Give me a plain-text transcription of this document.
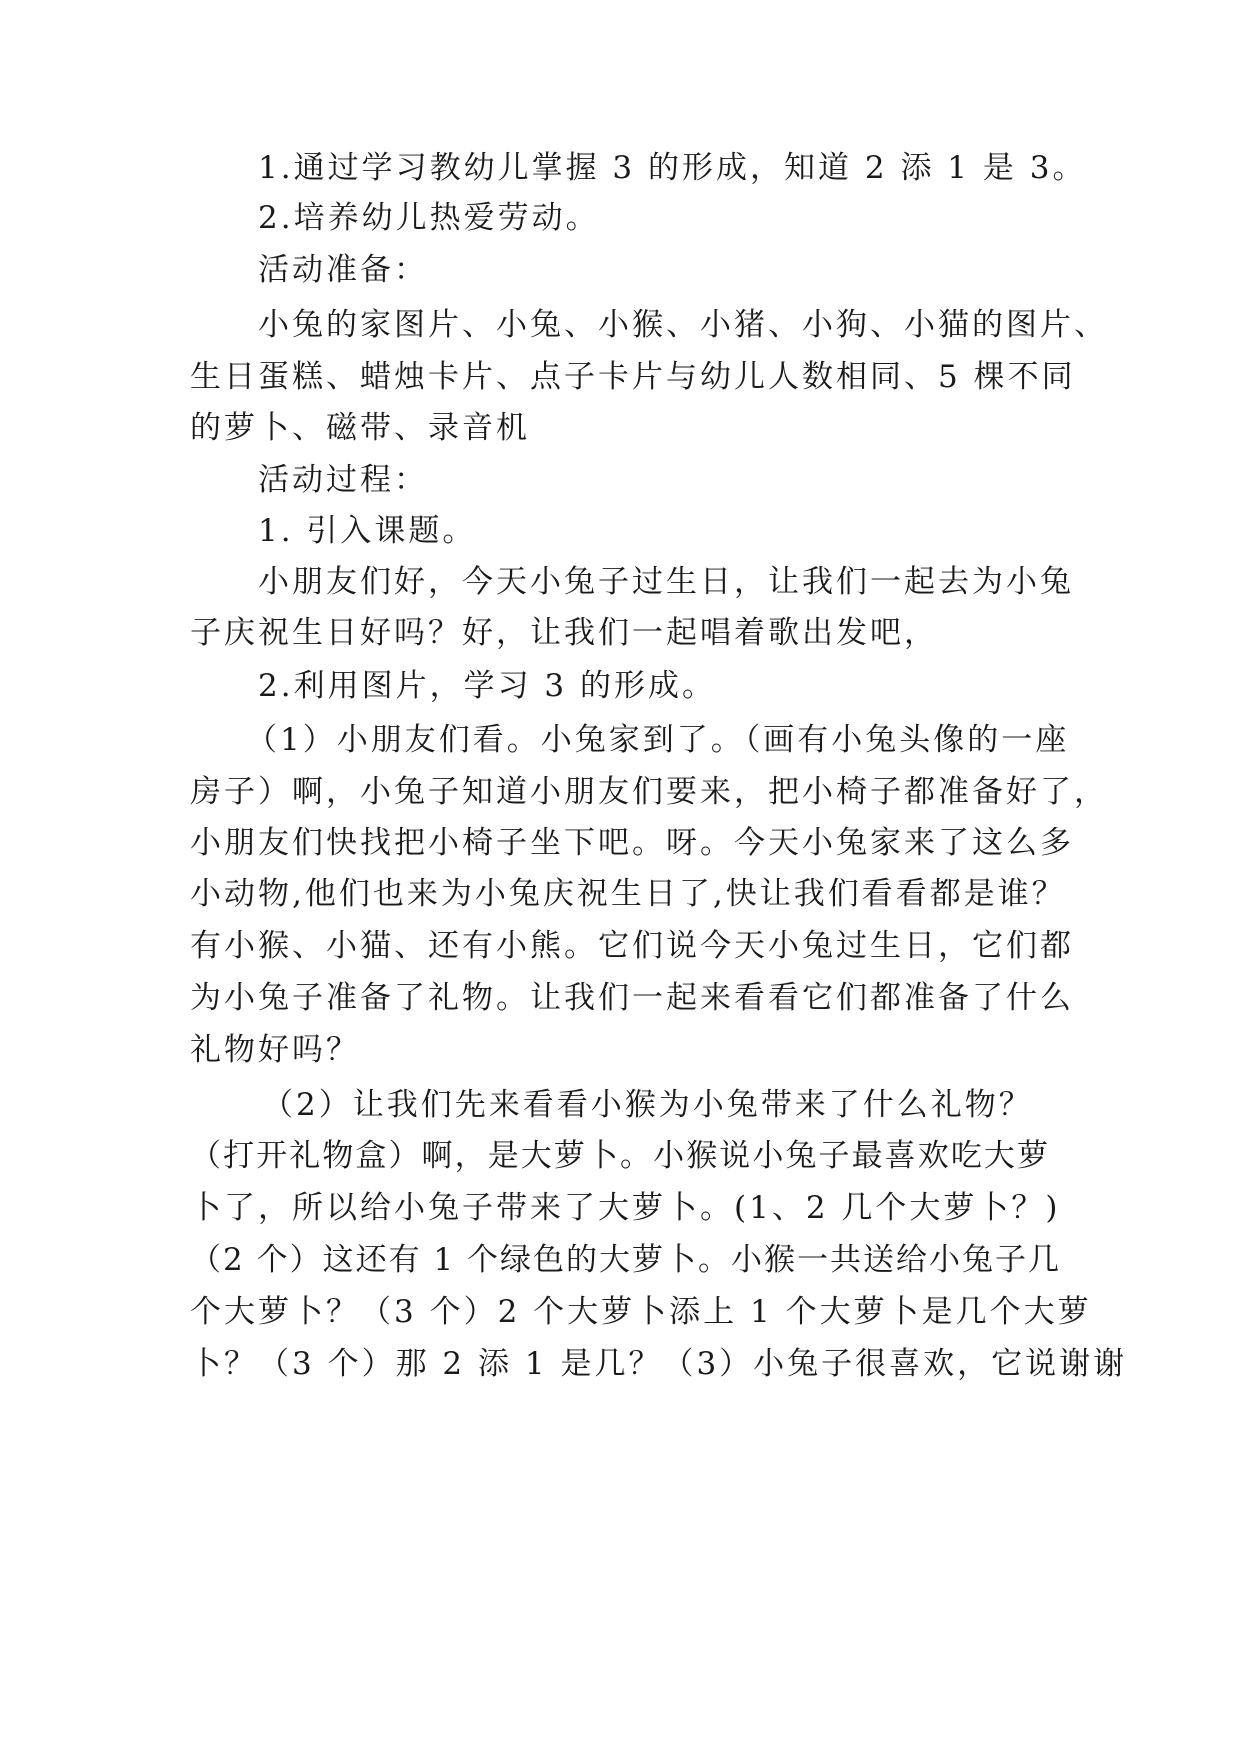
1.通过学习教幼儿掌握 3 的形成，知道 2 添 1 是 3。
2.培养幼儿热爱劳动。
活动准备：
小兔的家图片、小兔、小猴、小猪、小狗、小猫的图片、
生日蛋糕、蜡烛卡片、点子卡片与幼儿人数相同、5 棵不同
的萝卜、磁带、录音机
活动过程：
1. 引入课题。
小朋友们好，今天小兔子过生日，让我们一起去为小兔
子庆祝生日好吗？好，让我们一起唱着歌出发吧，
2.利用图片，学习 3 的形成。
（1）小朋友们看。小兔家到了。（画有小兔头像的一座
房子）啊，小兔子知道小朋友们要来，把小椅子都准备好了，
小朋友们快找把小椅子坐下吧。呀。今天小兔家来了这么多
小动物,他们也来为小兔庆祝生日了,快让我们看看都是谁？
有小猴、小猫、还有小熊。它们说今天小兔过生日，它们都
为小兔子准备了礼物。让我们一起来看看它们都准备了什么
礼物好吗？
（2）让我们先来看看小猴为小兔带来了什么礼物？
（打开礼物盒）啊，是大萝卜。小猴说小兔子最喜欢吃大萝
卜了，所以给小兔子带来了大萝卜。(1、2 几个大萝卜？)
（2 个）这还有 1 个绿色的大萝卜。小猴一共送给小兔子几
个大萝卜？（3 个）2 个大萝卜添上 1 个大萝卜是几个大萝
卜？（3 个）那 2 添 1 是几？（3）小兔子很喜欢，它说谢谢
